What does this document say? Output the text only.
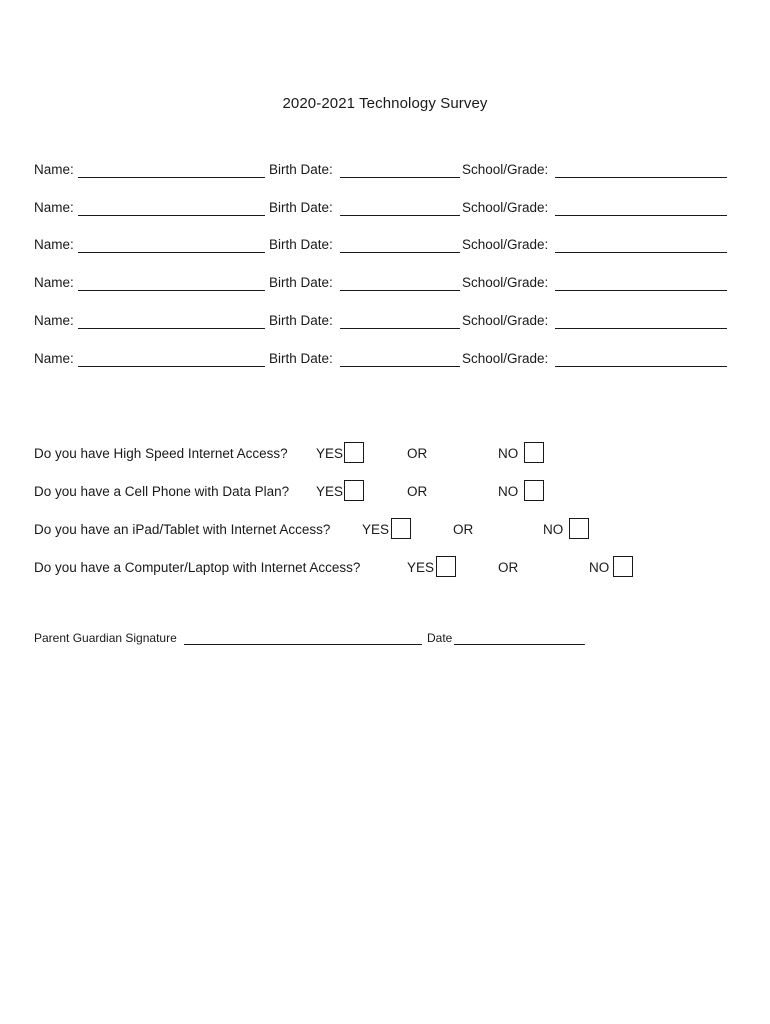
2020-2021 Technology Survey
Name:	Birth Date:	School/Grade:
Name:	Birth Date:	School/Grade:
Name:	Birth Date:	School/Grade:
Name:	Birth Date:	School/Grade:
Name:	Birth Date:	School/Grade:
Name:	Birth Date:	School/Grade:
Do you have High Speed Internet Access? YES	OR	NO
Do you have a Cell Phone with Data Plan? YES	OR	NO
Do you have an iPad/Tablet with Internet Access? YES	OR	NO
Do you have a Computer/Laptop with Internet Access?	YES	OR	NO
Parent Guardian Signature	Date
